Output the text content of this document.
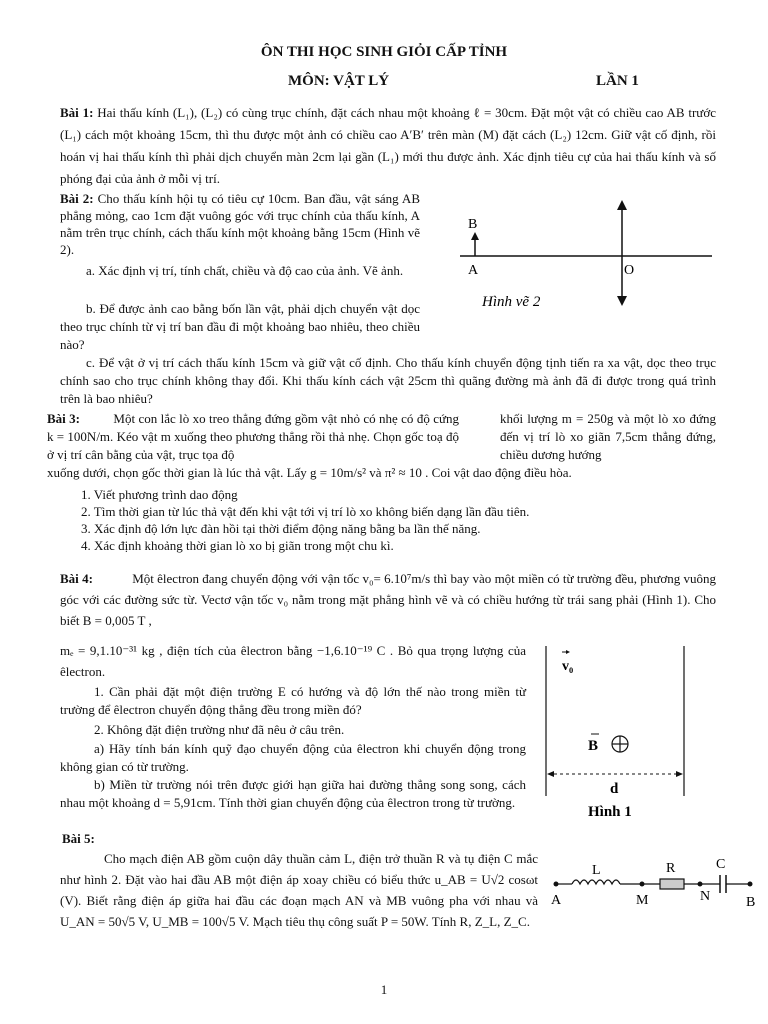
ÔN THI HỌC SINH GIỎI CẤP TỈNH
MÔN: VẬT LÝ	LẦN 1
Bài 1: Hai thấu kính (L₁), (L₂) có cùng trục chính, đặt cách nhau một khoảng ℓ = 30cm. Đặt một vật có chiều cao AB trước (L₁) cách một khoảng 15cm, thì thu được một ảnh có chiều cao A′B′ trên màn (M) đặt cách (L₂) 12cm. Giữ vật cố định, rồi hoán vị hai thấu kính thì phải dịch chuyển màn 2cm lại gần (L₁) mới thu được ảnh. Xác định tiêu cự của hai thấu kính và số phóng đại của ảnh ở mỗi vị trí.
Bài 2: Cho thấu kính hội tụ có tiêu cự 10cm. Ban đầu, vật sáng AB phẳng mỏng, cao 1cm đặt vuông góc với trục chính của thấu kính, A nằm trên trục chính, cách thấu kính một khoảng bằng 15cm (Hình vẽ 2).
a. Xác định vị trí, tính chất, chiều và độ cao của ảnh. Vẽ ảnh.
b. Để được ảnh cao bằng bốn lần vật, phải dịch chuyển vật dọc theo trục chính từ vị trí ban đầu đi một khoảng bao nhiêu, theo chiều nào?
c. Để vật ở vị trí cách thấu kính 15cm và giữ vật cố định. Cho thấu kính chuyển động tịnh tiến ra xa vật, dọc theo trục chính sao cho trục chính không thay đổi. Khi thấu kính cách vật 25cm thì quãng đường mà ảnh đã đi được trong quá trình trên là bao nhiêu?
B
A	O
Hình vẽ 2
Bài 3:	Một con lắc lò xo treo thẳng đứng gồm vật nhỏ có nhẹ có độ cứng k = 100N/m. Kéo vật m xuống theo phương thẳng rồi thả nhẹ. Chọn gốc toạ độ ở vị trí cân bằng của vật, trục tọa độ
khối lượng m = 250g và một lò xo đứng đến vị trí lò xo giãn 7,5cm thẳng đứng, chiều dương hướng
xuống dưới, chọn gốc thời gian là lúc thả vật. Lấy g = 10m/s² và π² ≈ 10 . Coi vật dao động điều hòa.
1. Viết phương trình dao động
2. Tìm thời gian từ lúc thả vật đến khi vật tới vị trí lò xo không biến dạng lần đầu tiên.
3. Xác định độ lớn lực đàn hồi tại thời điểm động năng bằng ba lần thế năng.
4. Xác định khoảng thời gian lò xo bị giãn trong một chu kì.
Bài 4:	Một êlectron đang chuyển động với vận tốc v₀= 6.10⁷m/s thì bay vào một miền có từ trường đều, phương vuông góc với các đường sức từ. Vectơ vận tốc v₀ nằm trong mặt phẳng hình vẽ và có chiều hướng từ trái sang phải (Hình 1). Cho biết B = 0,005 T ,
mₑ = 9,1.10⁻³¹ kg , điện tích của êlectron bằng −1,6.10⁻¹⁹ C . Bỏ qua trọng lượng của êlectron.
1. Cần phải đặt một điện trường E có hướng và độ lớn thế nào trong miền từ trường để êlectron chuyển động thẳng đều trong miền đó?
2. Không đặt điện trường như đã nêu ở câu trên.
a) Hãy tính bán kính quỹ đạo chuyển động của êlectron khi chuyển động trong không gian có từ trường.
b) Miền từ trường nói trên được giới hạn giữa hai đường thẳng song song, cách nhau một khoảng d = 5,91cm. Tính thời gian chuyển động của êlectron trong từ trường.
v₀
B
d
Hình 1
Bài 5:
Cho mạch điện AB gồm cuộn dây thuần cảm L, điện trở thuần R và tụ điện C mắc như hình 2. Đặt vào hai đầu AB một điện áp xoay chiều có biểu thức u_AB = U√2 cosωt (V). Biết rằng điện áp giữa hai đầu các đoạn mạch AN và MB vuông pha với nhau và U_AN = 50√5 V, U_MB = 100√5 V. Mạch tiêu thụ công suất P = 50W. Tính R, Z_L, Z_C.
L	R	C
A	M	N	B
1
